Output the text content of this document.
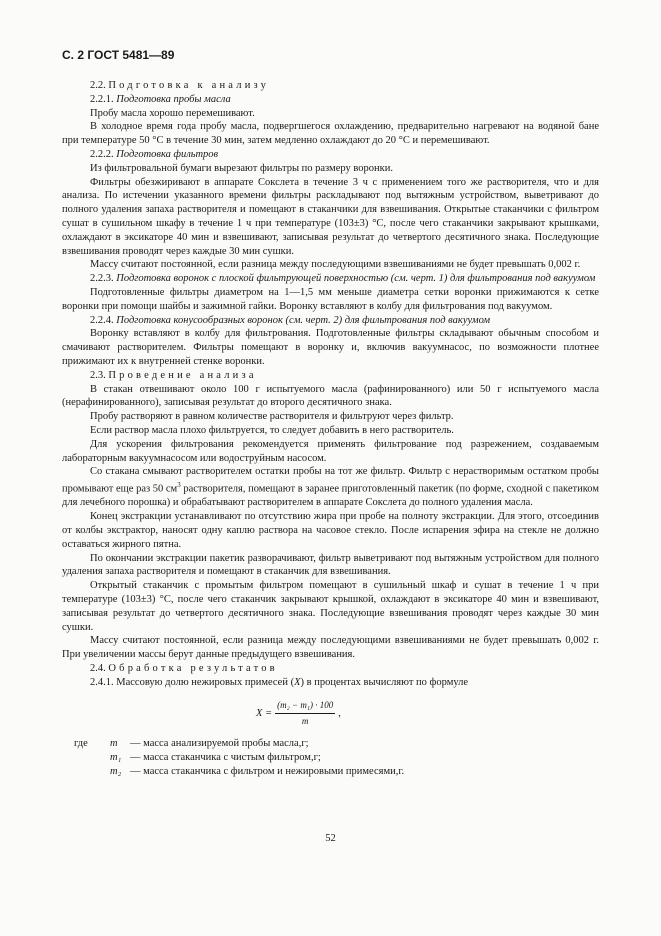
С. 2 ГОСТ 5481—89

2.2. Подготовка к анализу

2.2.1. Подготовка пробы масла

Пробу масла хорошо перемешивают.

В холодное время года пробу масла, подвергшегося охлаждению, предварительно нагревают на водяной бане при температуре 50 °С в течение 30 мин, затем медленно охлаждают до 20 °С и перемешивают.

2.2.2. Подготовка фильтров

Из фильтровальной бумаги вырезают фильтры по размеру воронки.

Фильтры обезжиривают в аппарате Сокслета в течение 3 ч с применением того же растворителя, что и для анализа. По истечении указанного времени фильтры раскладывают под вытяжным устройством, выветривают до полного удаления запаха растворителя и помещают в стаканчики для взвешивания. Открытые стаканчики с фильтром сушат в сушильном шкафу в течение 1 ч при температуре (103±3) °С, после чего стаканчики закрывают крышками, охлаждают в эксикаторе 40 мин и взвешивают, записывая результат до четвертого десятичного знака. Последующие взвешивания проводят через каждые 30 мин сушки.

Массу считают постоянной, если разница между последующими взвешиваниями не будет превышать 0,002 г.

2.2.3. Подготовка воронок с плоской фильтрующей поверхностью (см. черт. 1) для фильтрования под вакуумом

Подготовленные фильтры диаметром на 1—1,5 мм меньше диаметра сетки воронки прижимаются к сетке воронки при помощи шайбы и зажимной гайки. Воронку вставляют в колбу для фильтрования под вакуумом.

2.2.4. Подготовка конусообразных воронок (см. черт. 2) для фильтрования под вакуумом

Воронку вставляют в колбу для фильтрования. Подготовленные фильтры складывают обычным способом и смачивают растворителем. Фильтры помещают в воронку и, включив вакуумнасос, по возможности плотнее прижимают их к внутренней стенке воронки.

2.3. Проведение анализа

В стакан отвешивают около 100 г испытуемого масла (рафинированного) или 50 г испытуемого масла (нерафинированного), записывая результат до второго десятичного знака.

Пробу растворяют в равном количестве растворителя и фильтруют через фильтр.

Если раствор масла плохо фильтруется, то следует добавить в него растворитель.

Для ускорения фильтрования рекомендуется применять фильтрование под разрежением, создаваемым лабораторным вакуумнасосом или водоструйным насосом.

Со стакана смывают растворителем остатки пробы на тот же фильтр. Фильтр с нерастворимым остатком пробы промывают еще раз 50 $см^3$ растворителя, помещают в заранее приготовленный пакетик (по форме, сходной с пакетиком для лечебного порошка) и обрабатывают растворителем в аппарате Сокслета до полного удаления масла.

Конец экстракции устанавливают по отсутствию жира при пробе на полноту экстракции. Для этого, отсоединив от колбы экстрактор, наносят одну каплю раствора на часовое стекло. После испарения эфира на стекле не должно оставаться жирного пятна.

По окончании экстракции пакетик разворачивают, фильтр выветривают под вытяжным устройством для полного удаления запаха растворителя и помещают в стаканчик для взвешивания.

Открытый стаканчик с промытым фильтром помещают в сушильный шкаф и сушат в течение 1 ч при температуре (103±3) °С, после чего стаканчик закрывают крышкой, охлаждают в эксикаторе 40 мин и взвешивают, записывая результат до четвертого десятичного знака. Последующие взвешивания проводят через каждые 30 мин сушки.

Массу считают постоянной, если разница между последующими взвешиваниями не будет превышать 0,002 г. При увеличении массы берут данные предыдущего взвешивания.

2.4. Обработка результатов

2.4.1. Массовую долю нежировых примесей (X) в процентах вычисляют по формуле

$X = \frac{\text{(m₂ − m₁) · 100}}{m}$ ,
где	m	— масса анализируемой пробы масла,г;
m₁ — масса стаканчика с чистым фильтром,г;
m₂ — масса стаканчика с фильтром и нежировыми примесями,г.
52
